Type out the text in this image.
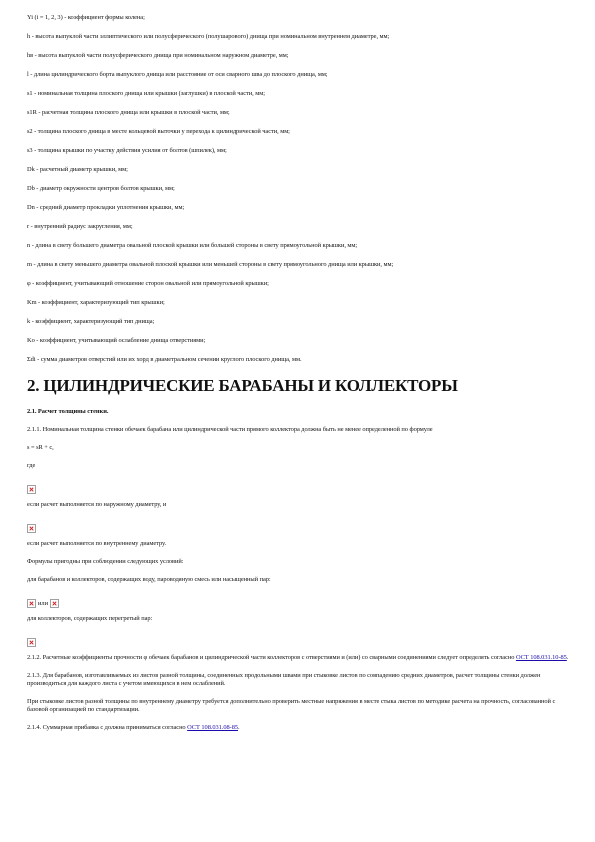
Yi (i = 1, 2, 3) - коэффициент формы колена;

h - высота выпуклой части эллиптического или полусферического (полушарового) днища при номинальном внутреннем диаметре, мм;

hв - высота выпуклой части полусферического днища при номинальном наружном диаметре, мм;

l - длина цилиндрического борта выпуклого днища или расстояние от оси сварного шва до плоского днища, мм;

s1 - номинальная толщина плоского днища или крышки (заглушки) в плоской части, мм;

s1R - расчетная толщина плоского днища или крышки в плоской части, мм;

s2 - толщина плоского днища в месте кольцевой выточки у перехода к цилиндрической части, мм;

s3 - толщина крышки по участку действия усилия от болтов (шпилек), мм;

Dk - расчетный диаметр крышки, мм;

Db - диаметр окружности центров болтов крышки, мм;

Dn - средний диаметр прокладки уплотнения крышки, мм;

r - внутренний радиус закругления, мм;

n - длина в свету большего диаметра овальной плоской крышки или большей стороны в свету прямоугольной крышки, мм;

m - длина в свету меньшего диаметра овальной плоской крышки или меньшей стороны в свету прямоугольного днища или крышки, мм;

φ - коэффициент, учитывающий отношение сторон овальной или прямоугольной крышки;

Km - коэффициент, характеризующий тип крышки;

k - коэффициент, характеризующий тип днища;

Ko - коэффициент, учитывающий ослабление днища отверстиями;

Σdi - сумма диаметров отверстий или их хорд в диаметральном сечении круглого плоского днища, мм.

2. ЦИЛИНДРИЧЕСКИЕ БАРАБАНЫ И КОЛЛЕКТОРЫ

2.1. Расчет толщины стенки.

2.1.1. Номинальная толщина стенки обечаек барабана или цилиндрической части прямого коллектора должна быть не менее определенной по формуле

s = sR + c,

где

если расчет выполняется по наружному диаметру, и

если расчет выполняется по внутреннему диаметру.

Формулы пригодны при соблюдении следующих условий:

для барабанов и коллекторов, содержащих воду, пароводяную смесь или насыщенный пар:

или

для коллекторов, содержащих перегретый пар:

2.1.2. Расчетные коэффициенты прочности φ обечаек барабанов и цилиндрической части коллекторов с отверстиями и (или) со сварными соединениями следует определять согласно ОСТ 108.031.10-85.

2.1.3. Для барабанов, изготавливаемых из листов разной толщины, соединенных продольными швами при стыковке листов по совпадению средних диаметров, расчет толщины стенки должен производиться для каждого листа с учетом имеющихся в нем ослаблений.

При стыковке листов разной толщины по внутреннему диаметру требуется дополнительно проверить местные напряжения в месте стыка листов по методике расчета на прочность, согласованной с базовой организацией по стандартизации.

2.1.4. Суммарная прибавка с должна приниматься согласно ОСТ 108.031.08-85.
